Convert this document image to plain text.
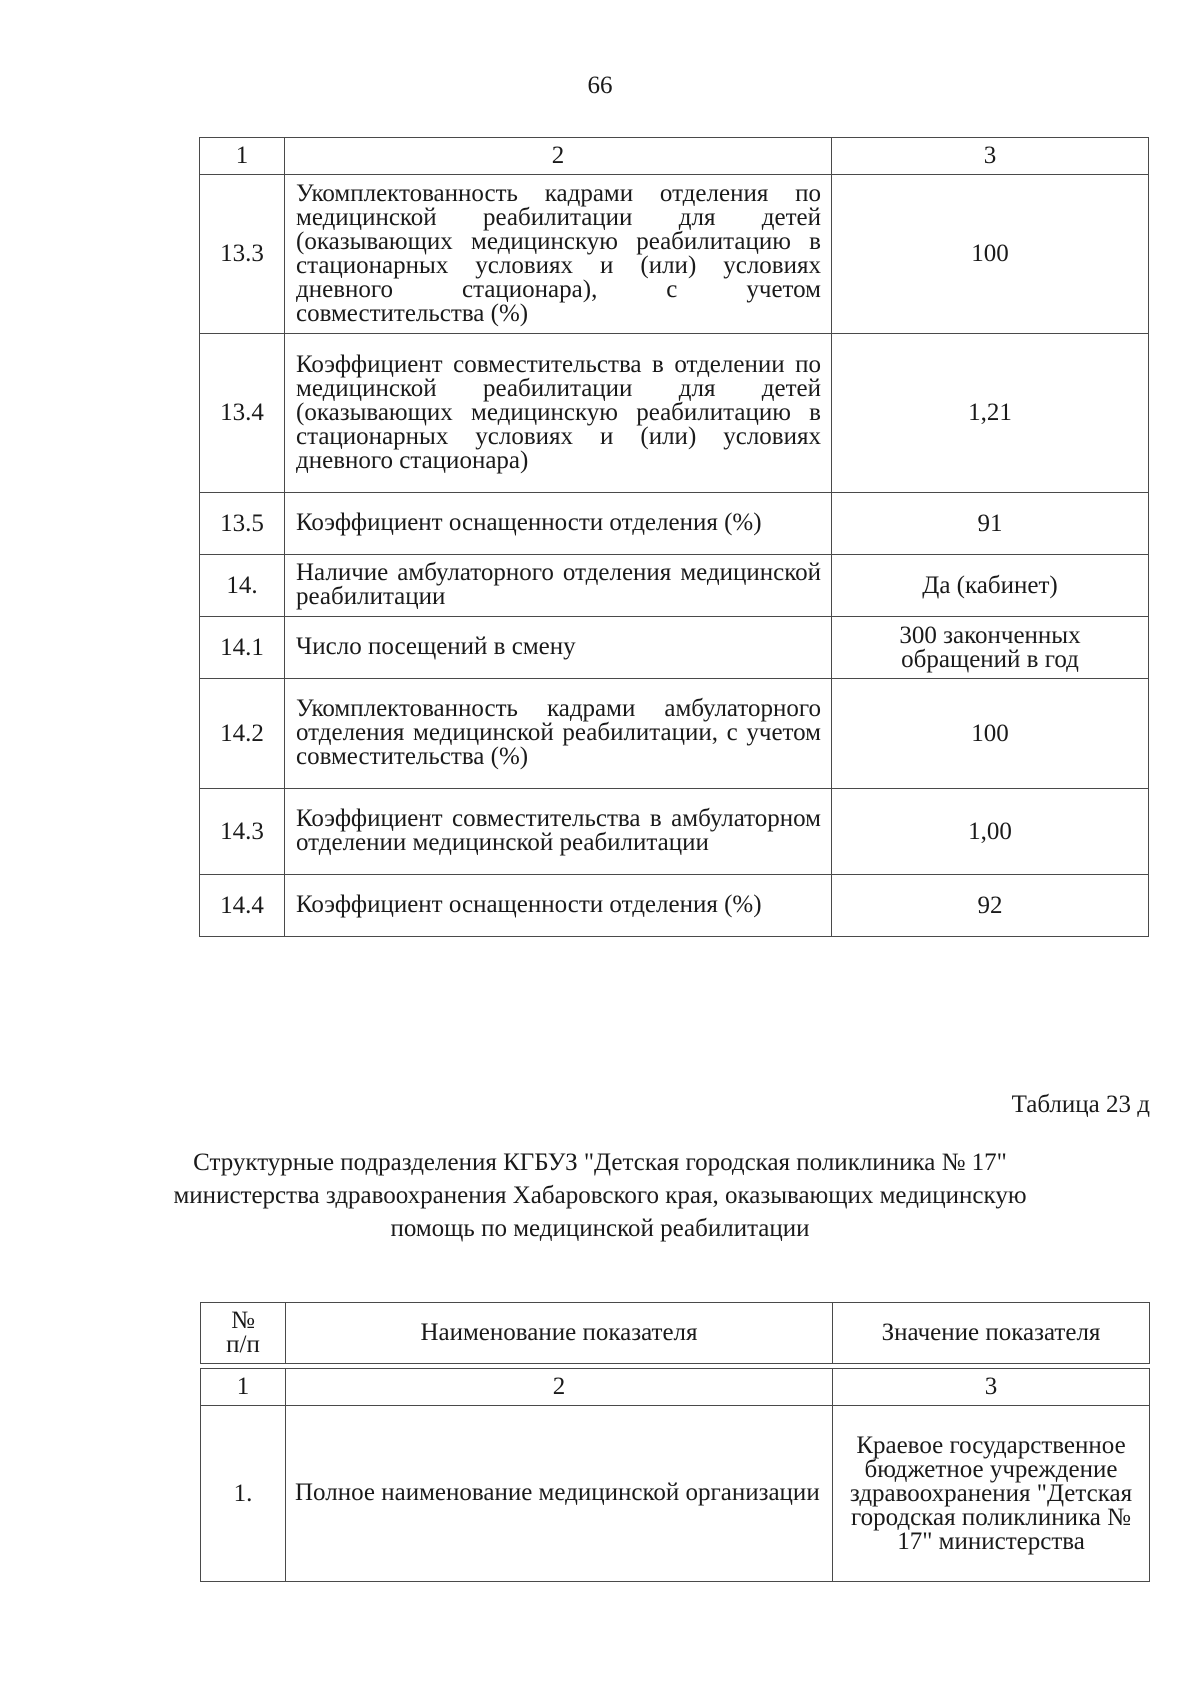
66
1	2	3
13.3	Укомплектованность кадрами отделения по медицинской реабилитации для детей (оказывающих медицинскую реабилитацию в стационарных условиях и (или) условиях дневного стационара), с учетом совместительства (%)	100
13.4	Коэффициент совместительства в отделении по медицинской реабилитации для детей (оказывающих медицинскую реабилитацию в стационарных условиях и (или) условиях дневного стационара)	1,21
13.5	Коэффициент оснащенности отделения (%)	91
14.	Наличие амбулаторного отделения медицинской реабилитации	Да (кабинет)
14.1	Число посещений в смену	300 законченных обращений в год
14.2	Укомплектованность кадрами амбулаторного отделения медицинской реабилитации, с учетом совместительства (%)	100
14.3	Коэффициент совместительства в амбулаторном отделении медицинской реабилитации	1,00
14.4	Коэффициент оснащенности отделения (%)	92
Таблица 23 д
Структурные подразделения КГБУЗ "Детская городская поликлиника № 17" министерства здравоохранения Хабаровского края, оказывающих медицинскую помощь по медицинской реабилитации
№ п/п	Наименование показателя	Значение показателя

1	2	3
1.	Полное наименование медицинской организации	Краевое государственное бюджетное учреждение здравоохранения "Детская городская поликлиника № 17" министерства
